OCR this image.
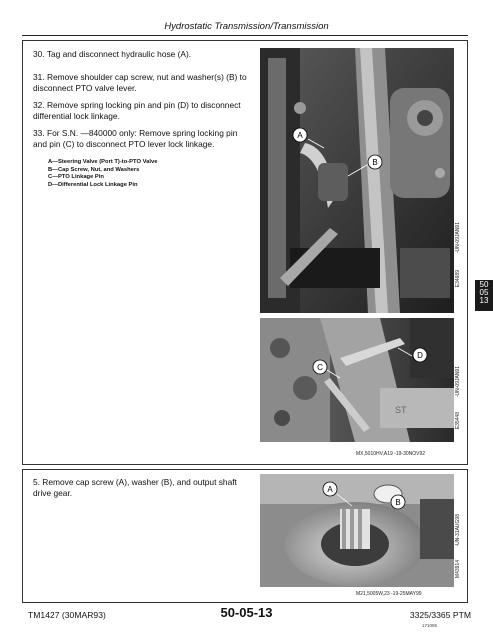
Hydrostatic Transmission/Transmission
30. Tag and disconnect hydraulic hose (A).
31. Remove shoulder cap screw, nut and washer(s) (B) to disconnect PTO valve lever.
32. Remove spring locking pin and pin (D) to disconnect differential lock linkage.
33. For S.N. —840000 only: Remove spring locking pin and pin (C) to disconnect PTO lever lock linkage.
A—Steering Valve (Port T)-to-PTO Valve
B—Cap Screw, Nut, and Washers
C—PTO Linkage Pin
D—Differential Lock Linkage Pin
A
B
E34689
-UN-09JAN91
ST
D
C
E35448
-UN-09JAN91
MX,5010HV,A19 -19-30NOV92
5. Remove cap screw (A), washer (B), and output shaft drive gear.	A
B
M43914
-UN-31AUG98
M21,5005W,23 -19-25MAY99
50
05
13
TM1427 (30MAR93)	50-05-13	3325/3365 PTM
171095
